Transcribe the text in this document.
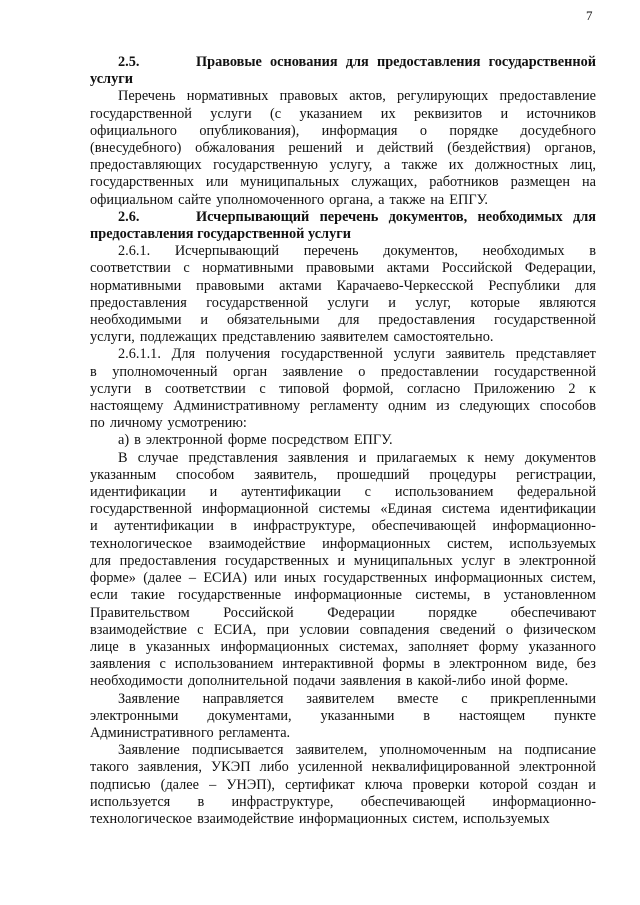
7
2.5.	Правовые основания для предоставления государственной
услуги
Перечень нормативных правовых актов, регулирующих предоставление
государственной услуги (с указанием их реквизитов и источников
официального опубликования), информация о порядке досудебного
(внесудебного) обжалования решений и действий (бездействия) органов,
предоставляющих государственную услугу, а также их должностных лиц,
государственных или муниципальных служащих, работников размещен на
официальном сайте уполномоченного органа, а также на ЕПГУ.
2.6.	Исчерпывающий перечень документов, необходимых для
предоставления государственной услуги
2.6.1. Исчерпывающий перечень документов, необходимых в
соответствии с нормативными правовыми актами Российской Федерации,
нормативными правовыми актами Карачаево-Черкесской Республики для
предоставления государственной услуги и услуг, которые являются
необходимыми и обязательными для предоставления государственной
услуги, подлежащих представлению заявителем самостоятельно.
2.6.1.1. Для получения государственной услуги заявитель представляет
в уполномоченный орган заявление о предоставлении государственной
услуги в соответствии с типовой формой, согласно Приложению 2 к
настоящему Административному регламенту одним из следующих способов
по личному усмотрению:
а) в электронной форме посредством ЕПГУ.
В случае представления заявления и прилагаемых к нему документов
указанным способом заявитель, прошедший процедуры регистрации,
идентификации и аутентификации с использованием федеральной
государственной информационной системы «Единая система идентификации
и аутентификации в инфраструктуре, обеспечивающей информационно-
технологическое взаимодействие информационных систем, используемых
для предоставления государственных и муниципальных услуг в электронной
форме» (далее – ЕСИА) или иных государственных информационных систем,
если такие государственные информационные системы, в установленном
Правительством Российской Федерации порядке обеспечивают
взаимодействие с ЕСИА, при условии совпадения сведений о физическом
лице в указанных информационных системах, заполняет форму указанного
заявления с использованием интерактивной формы в электронном виде, без
необходимости дополнительной подачи заявления в какой-либо иной форме.
Заявление направляется заявителем вместе с прикрепленными
электронными документами, указанными в настоящем пункте
Административного регламента.
Заявление подписывается заявителем, уполномоченным на подписание
такого заявления, УКЭП либо усиленной неквалифицированной электронной
подписью (далее – УНЭП), сертификат ключа проверки которой создан и
используется в инфраструктуре, обеспечивающей информационно-
технологическое взаимодействие информационных систем, используемых
